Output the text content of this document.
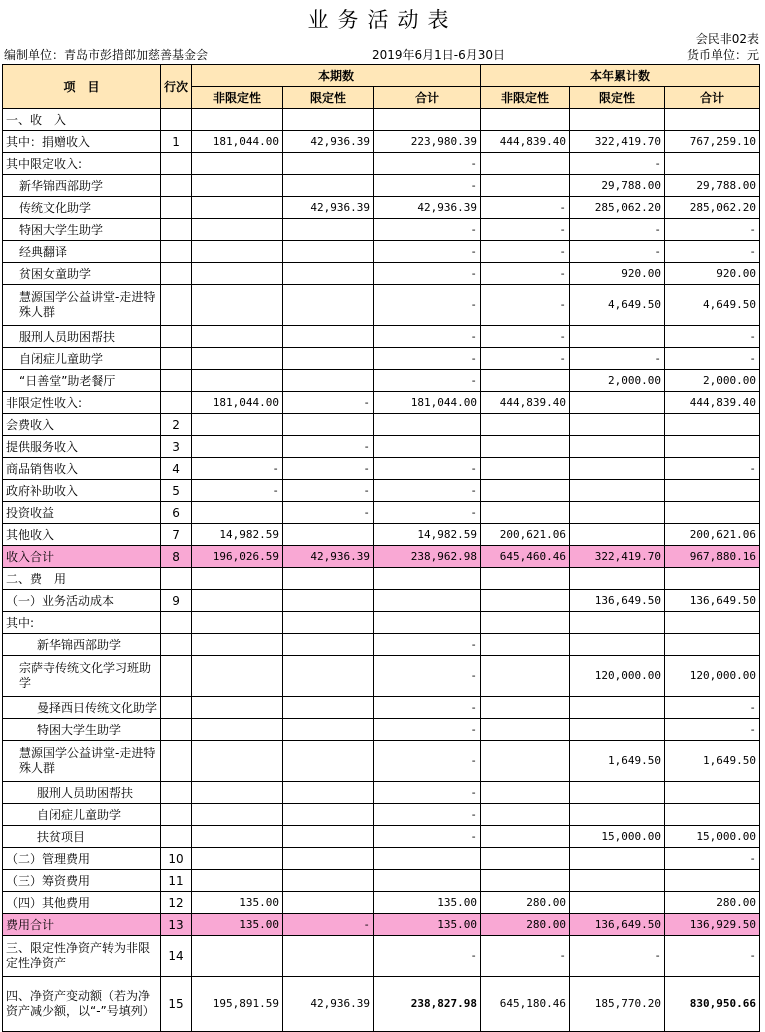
业务活动表
会民非02表
编制单位：青岛市彭措郎加慈善基金会	2019年6月1日-6月30日	货币单位：元
项　目	行次	本期数			本年累计数		
		非限定性	限定性	合计	非限定性	限定性	合计
一、收　入							
其中：捐赠收入	1	181,044.00	42,936.39	223,980.39	444,839.40	322,419.70	767,259.10
其中限定收入:				-		-	
新华锦西部助学				-		29,788.00	29,788.00
传统文化助学			42,936.39	42,936.39	-	285,062.20	285,062.20
特困大学生助学				-	-	-	-
经典翻译				-	-	-	-
贫困女童助学				-	-	920.00	920.00
慧源国学公益讲堂-走进特殊人群				-	-	4,649.50	4,649.50
服刑人员助困帮扶				-	-		-
自闭症儿童助学				-	-	-	-
“日善堂”助老餐厅				-		2,000.00	2,000.00
非限定性收入:		181,044.00	-	181,044.00	444,839.40		444,839.40
会费收入	2						
提供服务收入	3		-				
商品销售收入	4	-	-	-			-
政府补助收入	5	-	-	-			
投资收益	6		-	-			
其他收入	7	14,982.59		14,982.59	200,621.06		200,621.06
收入合计	8	196,026.59	42,936.39	238,962.98	645,460.46	322,419.70	967,880.16
二、费　用							
（一）业务活动成本	9					136,649.50	136,649.50
其中:							
新华锦西部助学				-			
宗萨寺传统文化学习班助学				-		120,000.00	120,000.00
曼择西日传统文化助学				-			-
特困大学生助学				-			-
慧源国学公益讲堂-走进特殊人群				-		1,649.50	1,649.50
服刑人员助困帮扶				-			
自闭症儿童助学				-			
扶贫项目				-		15,000.00	15,000.00
（二）管理费用	10						-
（三）筹资费用	11						
（四）其他费用	12	135.00		135.00	280.00		280.00
费用合计	13	135.00	-	135.00	280.00	136,649.50	136,929.50
三、限定性净资产转为非限定性净资产	14			-	-	-	-
四、净资产变动额（若为净资产减少额，以“-”号填列）	15	195,891.59	42,936.39	238,827.98	645,180.46	185,770.20	830,950.66
